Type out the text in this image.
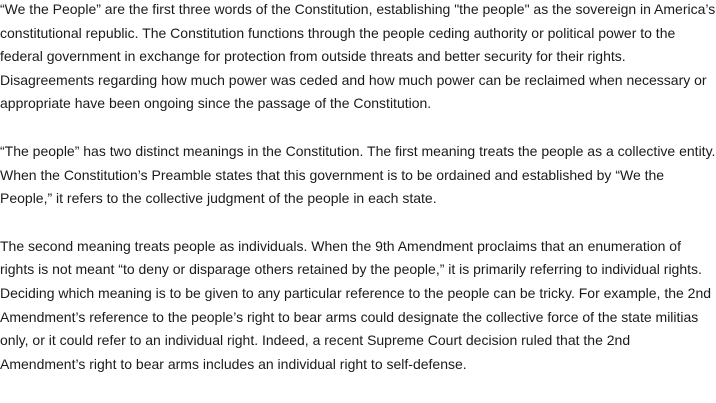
“We the People” are the first three words of the Constitution, establishing "the people" as the sovereign in America’s
constitutional republic. The Constitution functions through the people ceding authority or political power to the
federal government in exchange for protection from outside threats and better security for their rights.
Disagreements regarding how much power was ceded and how much power can be reclaimed when necessary or
appropriate have been ongoing since the passage of the Constitution.

“The people” has two distinct meanings in the Constitution. The first meaning treats the people as a collective entity.
When the Constitution’s Preamble states that this government is to be ordained and established by “We the
People,” it refers to the collective judgment of the people in each state.

The second meaning treats people as individuals. When the 9th Amendment proclaims that an enumeration of
rights is not meant “to deny or disparage others retained by the people,” it is primarily referring to individual rights.
Deciding which meaning is to be given to any particular reference to the people can be tricky. For example, the 2nd
Amendment’s reference to the people’s right to bear arms could designate the collective force of the state militias
only, or it could refer to an individual right. Indeed, a recent Supreme Court decision ruled that the 2nd
Amendment’s right to bear arms includes an individual right to self-defense.
